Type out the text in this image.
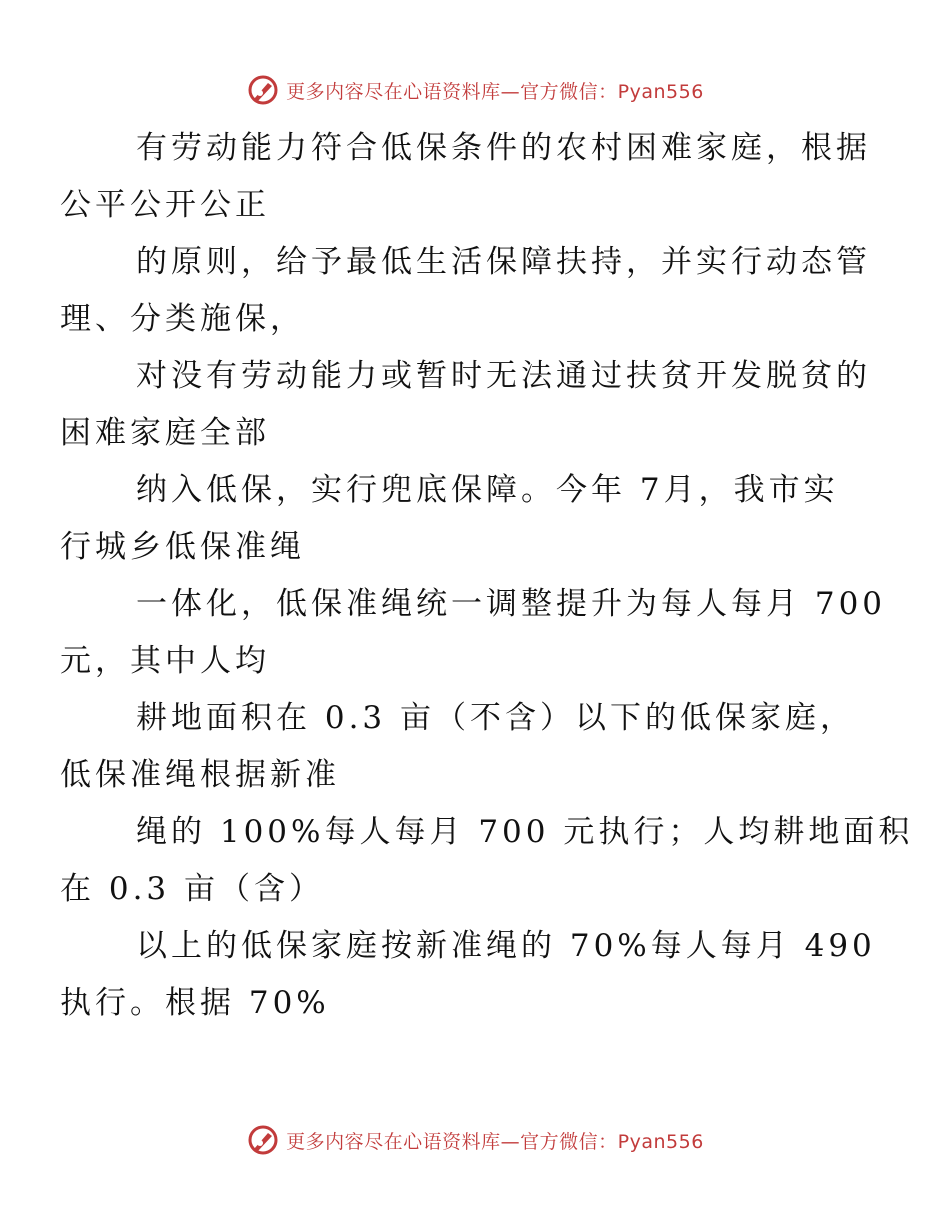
更多内容尽在心语资料库—官方微信：Pyan556

有劳动能力符合低保条件的农村困难家庭，根据
公平公开公正

的原则，给予最低生活保障扶持，并实行动态管
理、分类施保，

对没有劳动能力或暂时无法通过扶贫开发脱贫的
困难家庭全部

纳入低保，实行兜底保障。今年 7月，我市实
行城乡低保准绳

一体化，低保准绳统一调整提升为每人每月 700
元，其中人均

耕地面积在 0.3 亩（不含）以下的低保家庭，
低保准绳根据新准

绳的 100%每人每月 700 元执行；人均耕地面积
在 0.3 亩（含）

以上的低保家庭按新准绳的 70%每人每月 490
执行。根据 70%

更多内容尽在心语资料库—官方微信：Pyan556
